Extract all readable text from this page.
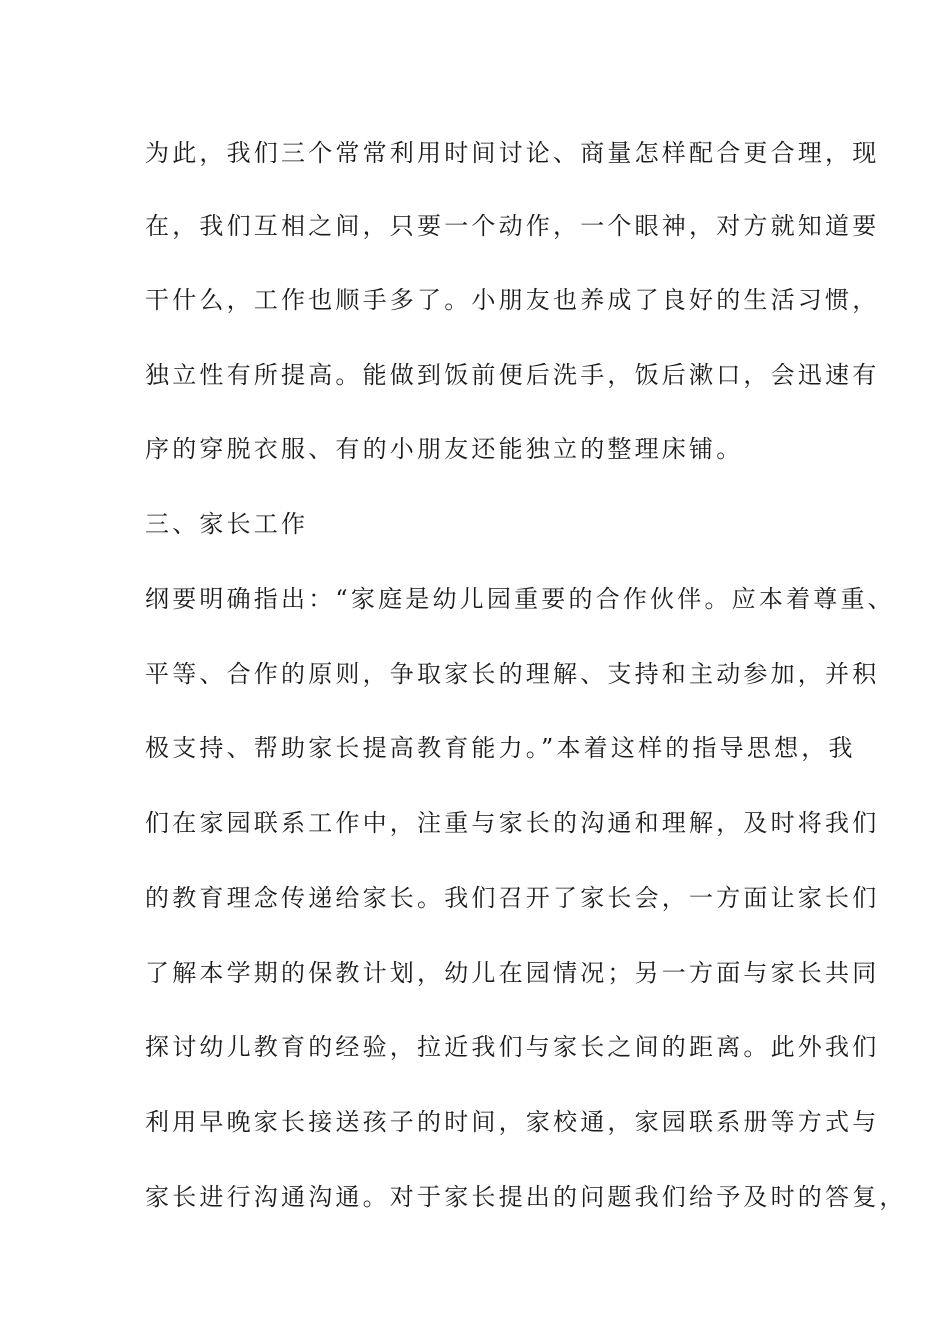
为此，我们三个常常利用时间讨论、商量怎样配合更合理，现

在，我们互相之间，只要一个动作，一个眼神，对方就知道要

干什么，工作也顺手多了。小朋友也养成了良好的生活习惯，

独立性有所提高。能做到饭前便后洗手，饭后漱口，会迅速有

序的穿脱衣服、有的小朋友还能独立的整理床铺。

三、家长工作

纲要明确指出：“家庭是幼儿园重要的合作伙伴。应本着尊重、

平等、合作的原则，争取家长的理解、支持和主动参加，并积

极支持、帮助家长提高教育能力。”本着这样的指导思想，我

们在家园联系工作中，注重与家长的沟通和理解，及时将我们

的教育理念传递给家长。我们召开了家长会，一方面让家长们

了解本学期的保教计划，幼儿在园情况；另一方面与家长共同

探讨幼儿教育的经验，拉近我们与家长之间的距离。此外我们

利用早晚家长接送孩子的时间，家校通，家园联系册等方式与

家长进行沟通沟通。对于家长提出的问题我们给予及时的答复，
